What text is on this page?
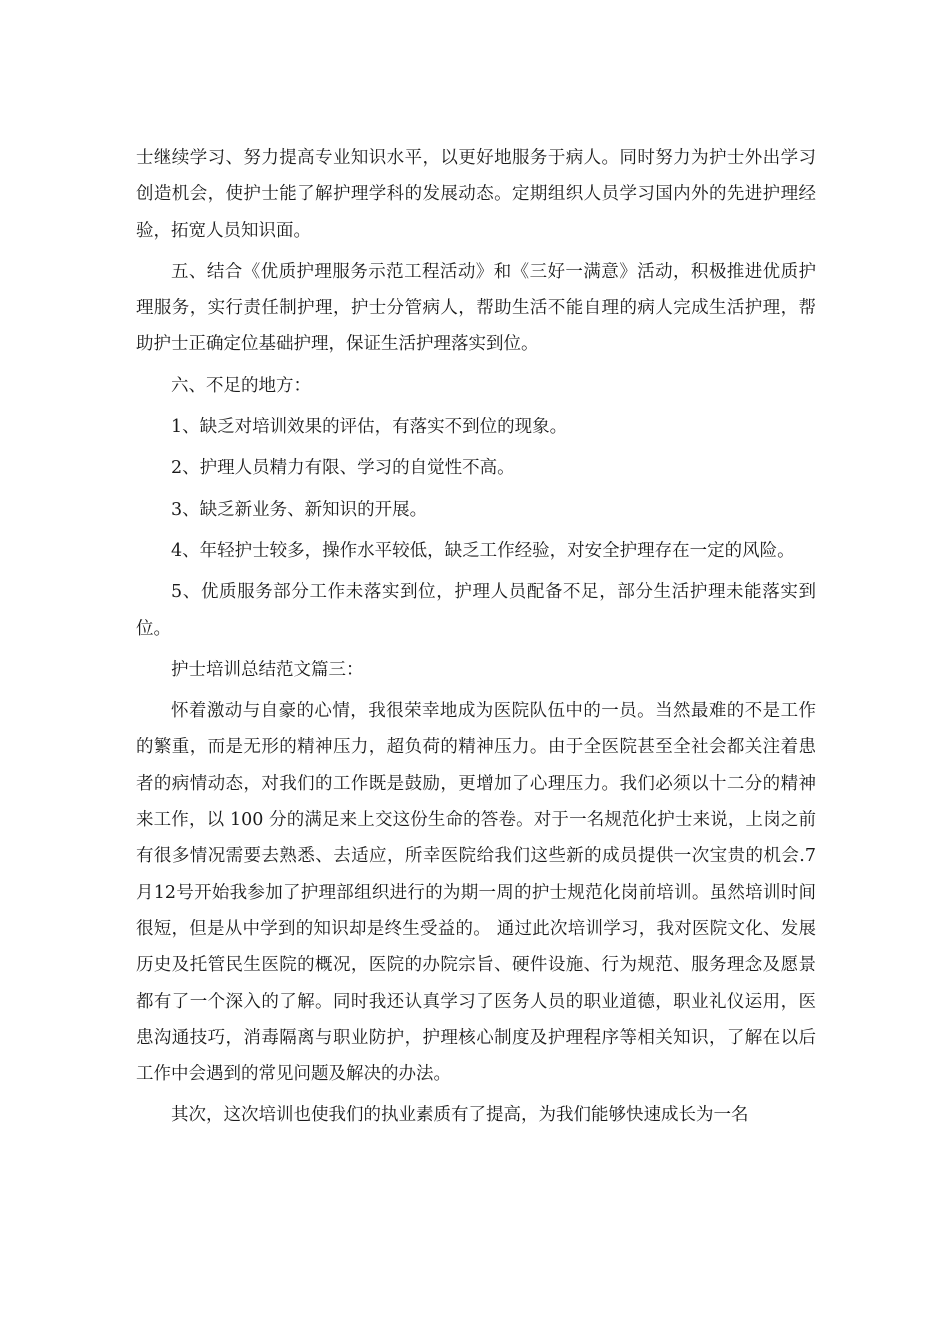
士继续学习、努力提高专业知识水平，以更好地服务于病人。同时努力为护士外出学习创造机会，使护士能了解护理学科的发展动态。定期组织人员学习国内外的先进护理经验，拓宽人员知识面。

五、结合《优质护理服务示范工程活动》和《三好一满意》活动，积极推进优质护理服务，实行责任制护理，护士分管病人，帮助生活不能自理的病人完成生活护理，帮助护士正确定位基础护理，保证生活护理落实到位。

六、不足的地方：

1、缺乏对培训效果的评估，有落实不到位的现象。

2、护理人员精力有限、学习的自觉性不高。

3、缺乏新业务、新知识的开展。

4、年轻护士较多，操作水平较低，缺乏工作经验，对安全护理存在一定的风险。

5、优质服务部分工作未落实到位，护理人员配备不足，部分生活护理未能落实到位。

护士培训总结范文篇三：

怀着激动与自豪的心情，我很荣幸地成为医院队伍中的一员。当然最难的不是工作的繁重，而是无形的精神压力，超负荷的精神压力。由于全医院甚至全社会都关注着患者的病情动态，对我们的工作既是鼓励，更增加了心理压力。我们必须以十二分的精神来工作，以 100 分的满足来上交这份生命的答卷。对于一名规范化护士来说，上岗之前有很多情况需要去熟悉、去适应，所幸医院给我们这些新的成员提供一次宝贵的机会.7月12号开始我参加了护理部组织进行的为期一周的护士规范化岗前培训。虽然培训时间很短，但是从中学到的知识却是终生受益的。 通过此次培训学习，我对医院文化、发展历史及托管民生医院的概况，医院的办院宗旨、硬件设施、行为规范、服务理念及愿景都有了一个深入的了解。同时我还认真学习了医务人员的职业道德，职业礼仪运用，医患沟通技巧，消毒隔离与职业防护，护理核心制度及护理程序等相关知识，了解在以后工作中会遇到的常见问题及解决的办法。

其次，这次培训也使我们的执业素质有了提高，为我们能够快速成长为一名
